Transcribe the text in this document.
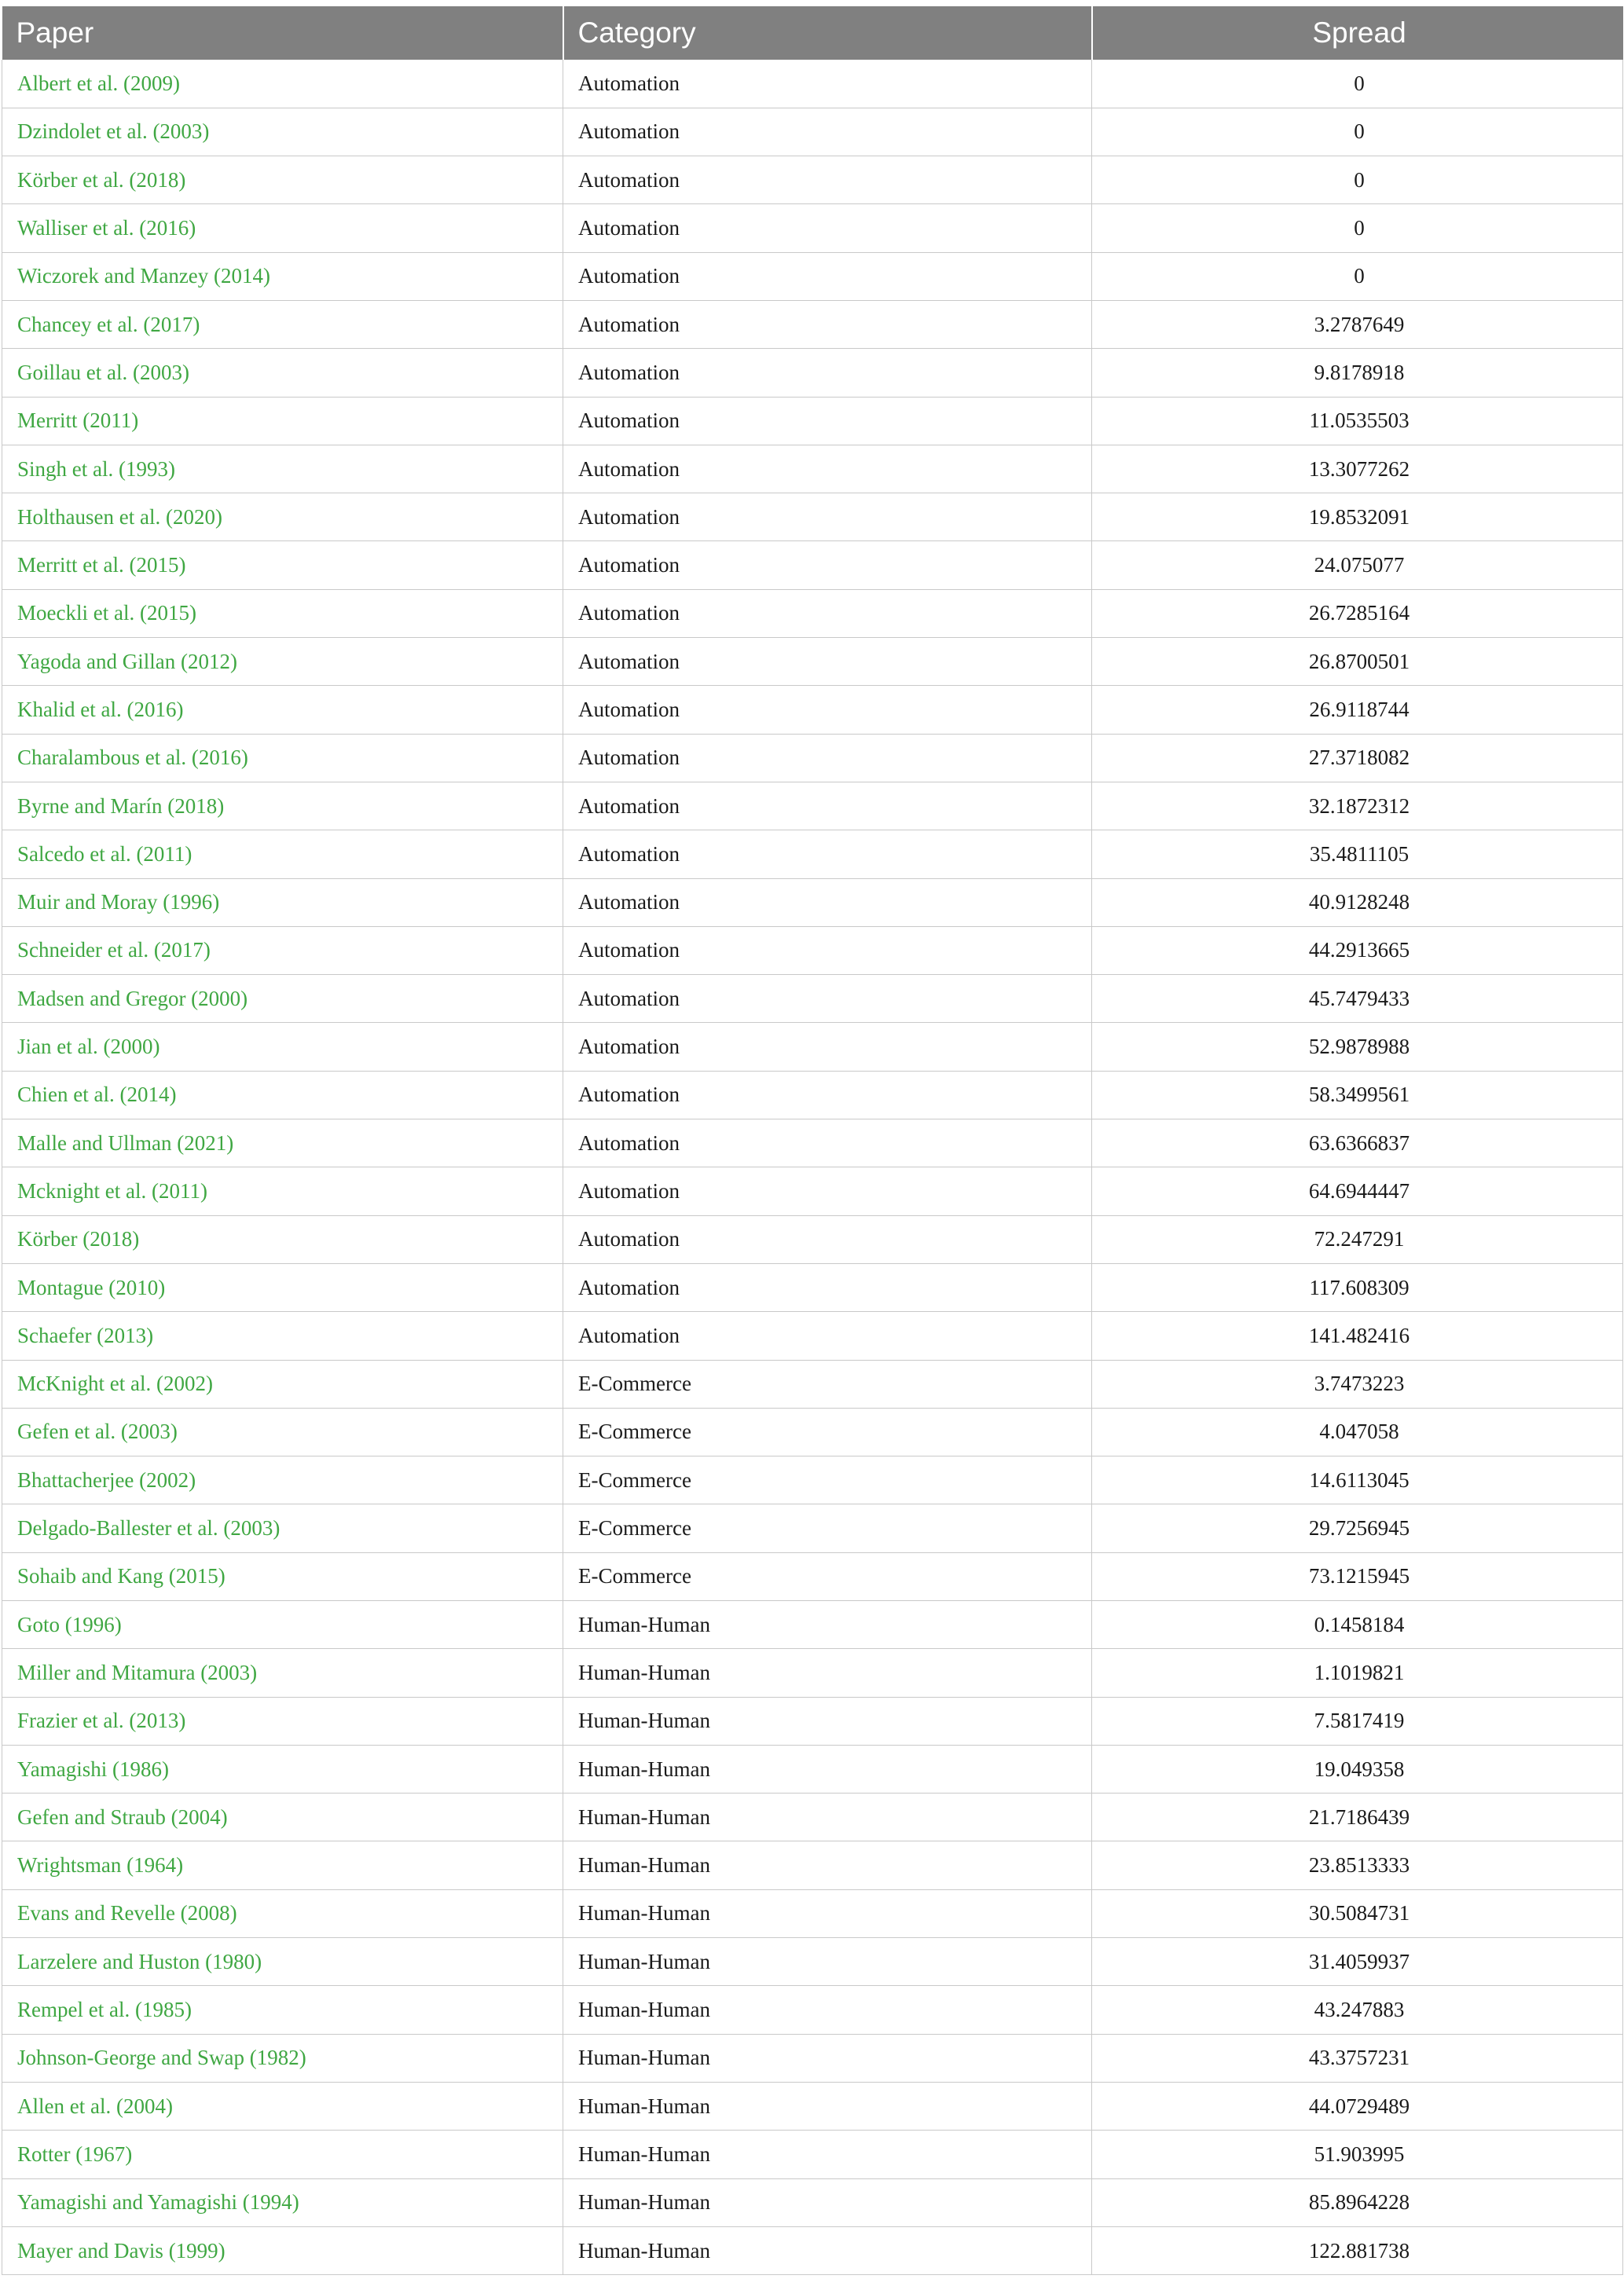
Paper	Category	Spread
Albert et al. (2009)	Automation	0
Dzindolet et al. (2003)	Automation	0
Körber et al. (2018)	Automation	0
Walliser et al. (2016)	Automation	0
Wiczorek and Manzey (2014)	Automation	0
Chancey et al. (2017)	Automation	3.2787649
Goillau et al. (2003)	Automation	9.8178918
Merritt (2011)	Automation	11.0535503
Singh et al. (1993)	Automation	13.3077262
Holthausen et al. (2020)	Automation	19.8532091
Merritt et al. (2015)	Automation	24.075077
Moeckli et al. (2015)	Automation	26.7285164
Yagoda and Gillan (2012)	Automation	26.8700501
Khalid et al. (2016)	Automation	26.9118744
Charalambous et al. (2016)	Automation	27.3718082
Byrne and Marín (2018)	Automation	32.1872312
Salcedo et al. (2011)	Automation	35.4811105
Muir and Moray (1996)	Automation	40.9128248
Schneider et al. (2017)	Automation	44.2913665
Madsen and Gregor (2000)	Automation	45.7479433
Jian et al. (2000)	Automation	52.9878988
Chien et al. (2014)	Automation	58.3499561
Malle and Ullman (2021)	Automation	63.6366837
Mcknight et al. (2011)	Automation	64.6944447
Körber (2018)	Automation	72.247291
Montague (2010)	Automation	117.608309
Schaefer (2013)	Automation	141.482416
McKnight et al. (2002)	E-Commerce	3.7473223
Gefen et al. (2003)	E-Commerce	4.047058
Bhattacherjee (2002)	E-Commerce	14.6113045
Delgado-Ballester et al. (2003)	E-Commerce	29.7256945
Sohaib and Kang (2015)	E-Commerce	73.1215945
Goto (1996)	Human-Human	0.1458184
Miller and Mitamura (2003)	Human-Human	1.1019821
Frazier et al. (2013)	Human-Human	7.5817419
Yamagishi (1986)	Human-Human	19.049358
Gefen and Straub (2004)	Human-Human	21.7186439
Wrightsman (1964)	Human-Human	23.8513333
Evans and Revelle (2008)	Human-Human	30.5084731
Larzelere and Huston (1980)	Human-Human	31.4059937
Rempel et al. (1985)	Human-Human	43.247883
Johnson-George and Swap (1982)	Human-Human	43.3757231
Allen et al. (2004)	Human-Human	44.0729489
Rotter (1967)	Human-Human	51.903995
Yamagishi and Yamagishi (1994)	Human-Human	85.8964228
Mayer and Davis (1999)	Human-Human	122.881738
